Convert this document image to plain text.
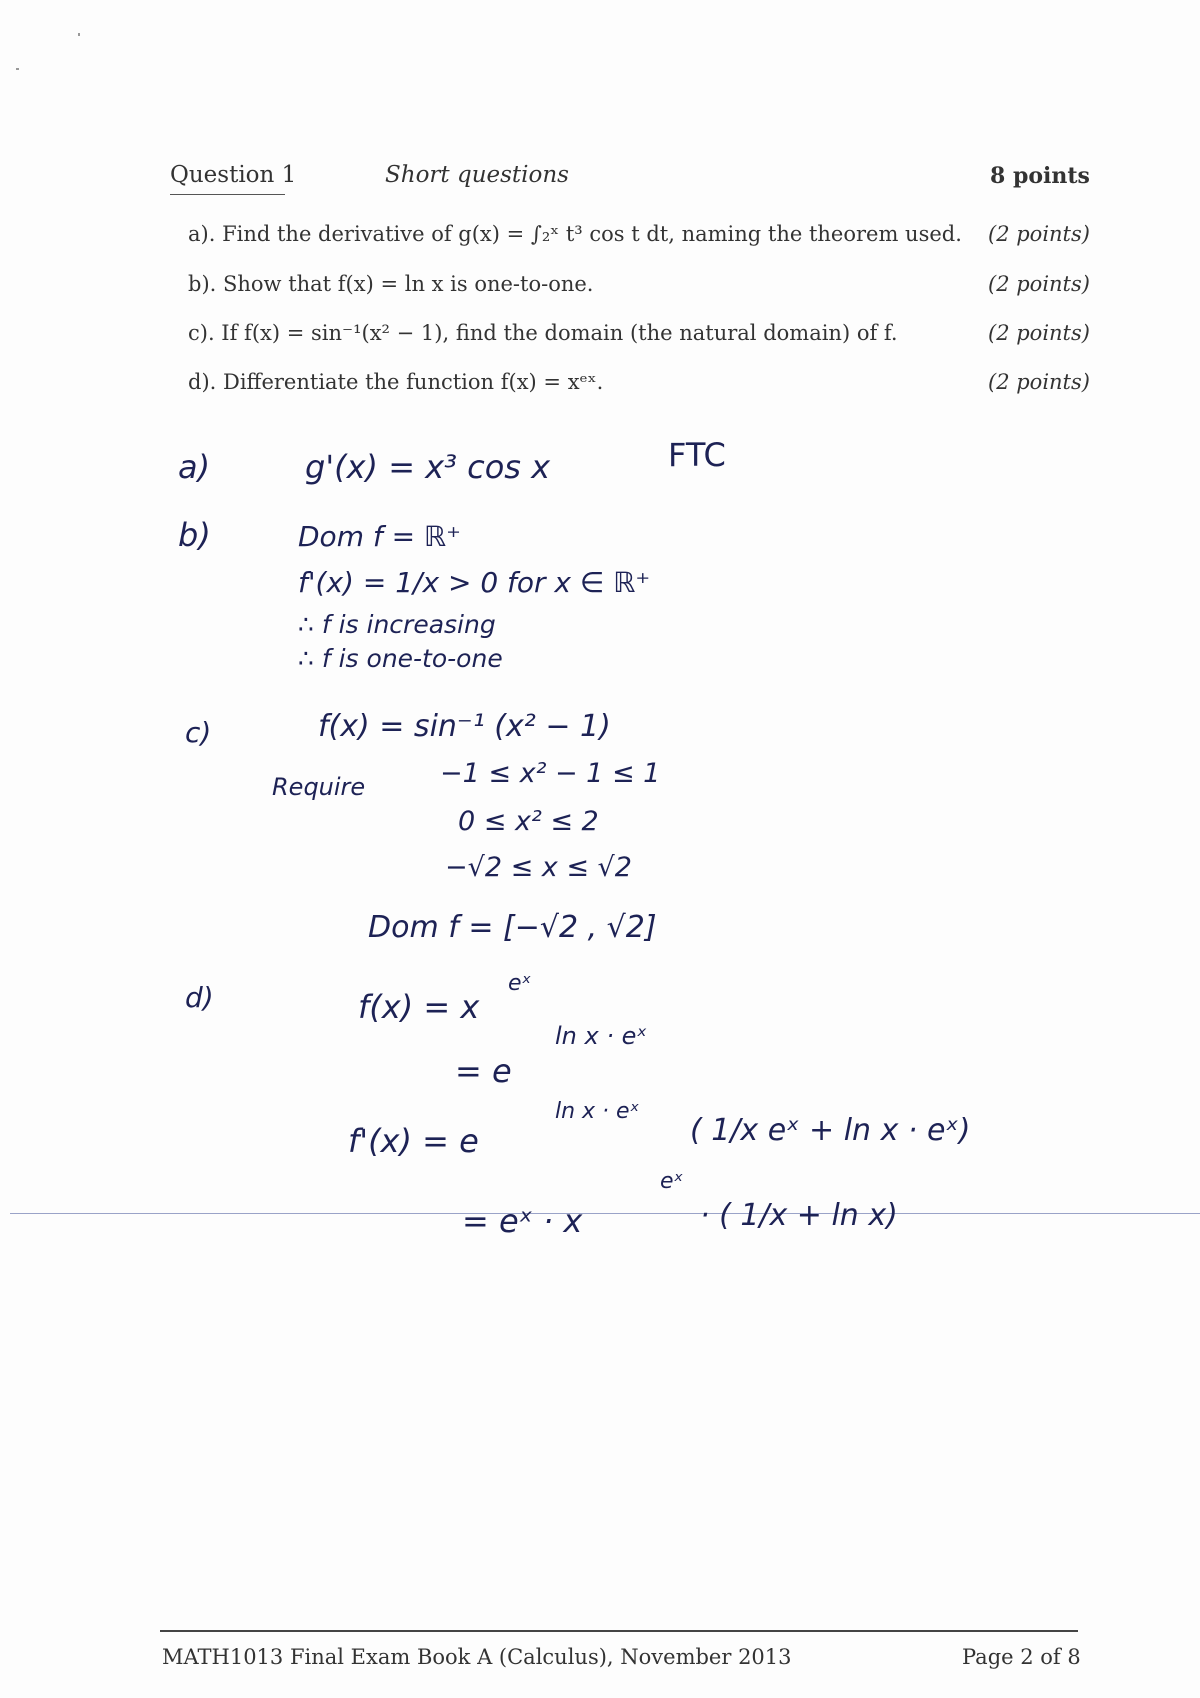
Question 1	Short questions	8 points
a). Find the derivative of g(x) = ∫₂ˣ t³ cos t dt, naming the theorem used. (2 points)
b). Show that f(x) = ln x is one-to-one.	(2 points)
c). If f(x) = sin⁻¹(x² − 1), find the domain (the natural domain) of f.	(2 points)
d). Differentiate the function f(x) = xᵉˣ.	(2 points)
a)	g'(x) = x³ cos x	FTC
b)	Dom f = ℝ⁺
f'(x) = 1/x > 0 for x ∈ ℝ⁺
∴ f is increasing
∴ f is one-to-one
c)	f(x) = sin⁻¹ (x² − 1)
Require	−1 ≤ x² − 1 ≤ 1
0 ≤ x² ≤ 2
−√2 ≤ x ≤ √2
Dom f = [−√2 , √2]
d)	f(x) = x
eˣ
= e
ln x · eˣ
f'(x) = e
ln x · eˣ
( 1/x eˣ + ln x · eˣ)
= eˣ · x
eˣ
· ( 1/x + ln x)
MATH1013 Final Exam Book A (Calculus), November 2013	Page 2 of 8
